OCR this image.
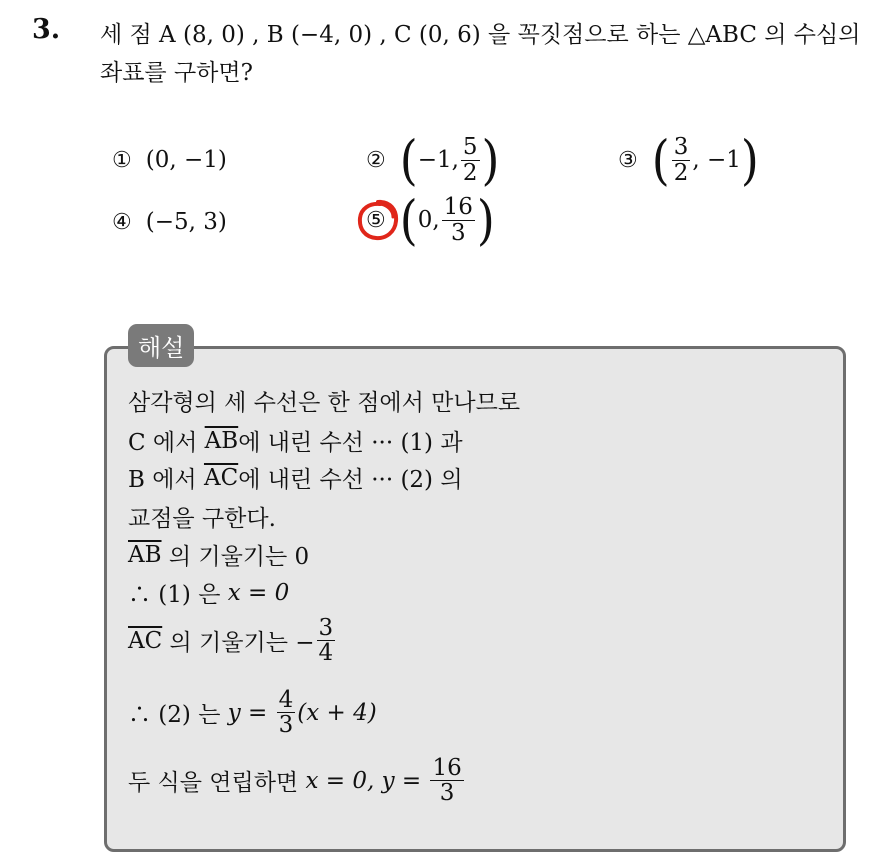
3. 세 점 A (8, 0) , B (−4, 0) , C (0, 6) 을 꼭짓점으로 하는 △ABC 의 수심의
좌표를 구하면?
① (0, −1)	② ( −1, $\frac{5}{2}$ )	③ ( $\frac{3}{2}$ , −1 )
④ (−5, 3)	⑤ ( 0, $\frac{16}{3}$ )
해설
삼각형의 세 수선은 한 점에서 만나므로
C 에서
$\overline{AB}$ 에 내린 수선 ··· (1) 과
B 에서
$\overline{AC}$ 에 내린 수선 ··· (2) 의
교점을 구한다.
$\overline{AB}$
의 기울기는 0
∴ (1) 은
x = 0
$\overline{AC}$
의 기울기는 − $\frac{3}{4}$
∴ (2) 는
y =
$\frac{4}{3} (x + 4)$
두 식을 연립하면
x = 0, y =
$\frac{16}{3}$
